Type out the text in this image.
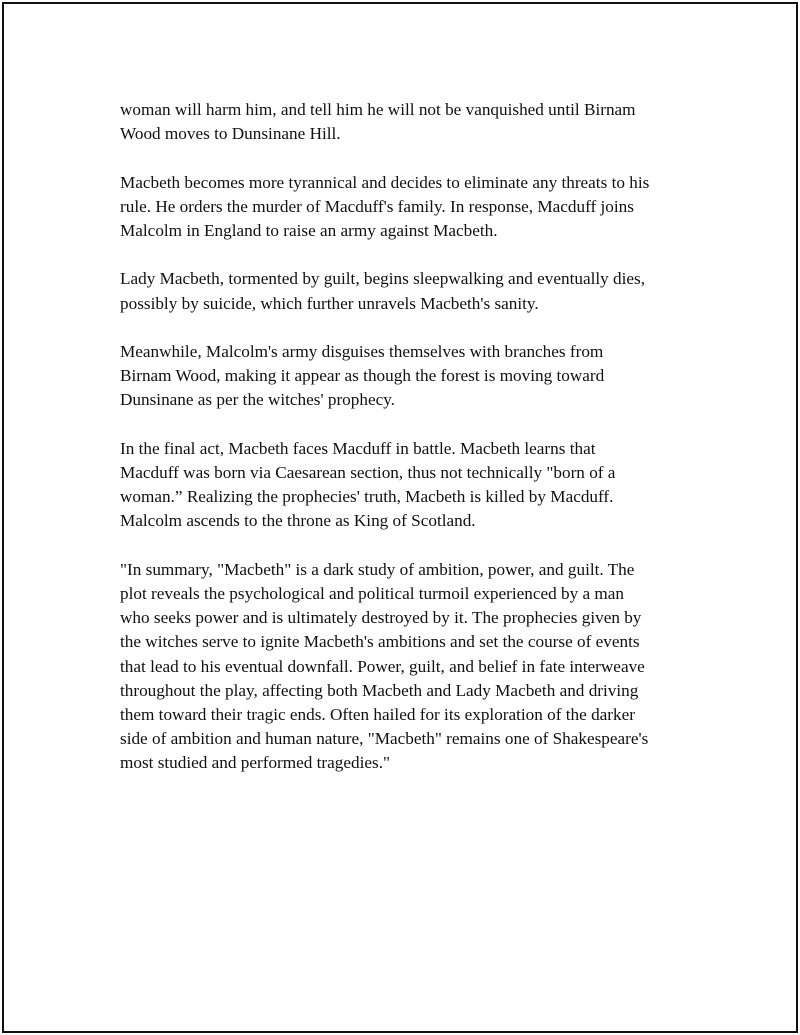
woman will harm him, and tell him he will not be vanquished until Birnam
Wood moves to Dunsinane Hill.

Macbeth becomes more tyrannical and decides to eliminate any threats to his
rule. He orders the murder of Macduff's family. In response, Macduff joins
Malcolm in England to raise an army against Macbeth.

Lady Macbeth, tormented by guilt, begins sleepwalking and eventually dies,
possibly by suicide, which further unravels Macbeth's sanity.

Meanwhile, Malcolm's army disguises themselves with branches from
Birnam Wood, making it appear as though the forest is moving toward
Dunsinane as per the witches' prophecy.

In the final act, Macbeth faces Macduff in battle. Macbeth learns that
Macduff was born via Caesarean section, thus not technically "born of a
woman.” Realizing the prophecies' truth, Macbeth is killed by Macduff.
Malcolm ascends to the throne as King of Scotland.

"In summary, "Macbeth" is a dark study of ambition, power, and guilt. The
plot reveals the psychological and political turmoil experienced by a man
who seeks power and is ultimately destroyed by it. The prophecies given by
the witches serve to ignite Macbeth's ambitions and set the course of events
that lead to his eventual downfall. Power, guilt, and belief in fate interweave
throughout the play, affecting both Macbeth and Lady Macbeth and driving
them toward their tragic ends. Often hailed for its exploration of the darker
side of ambition and human nature, "Macbeth" remains one of Shakespeare's
most studied and performed tragedies."
